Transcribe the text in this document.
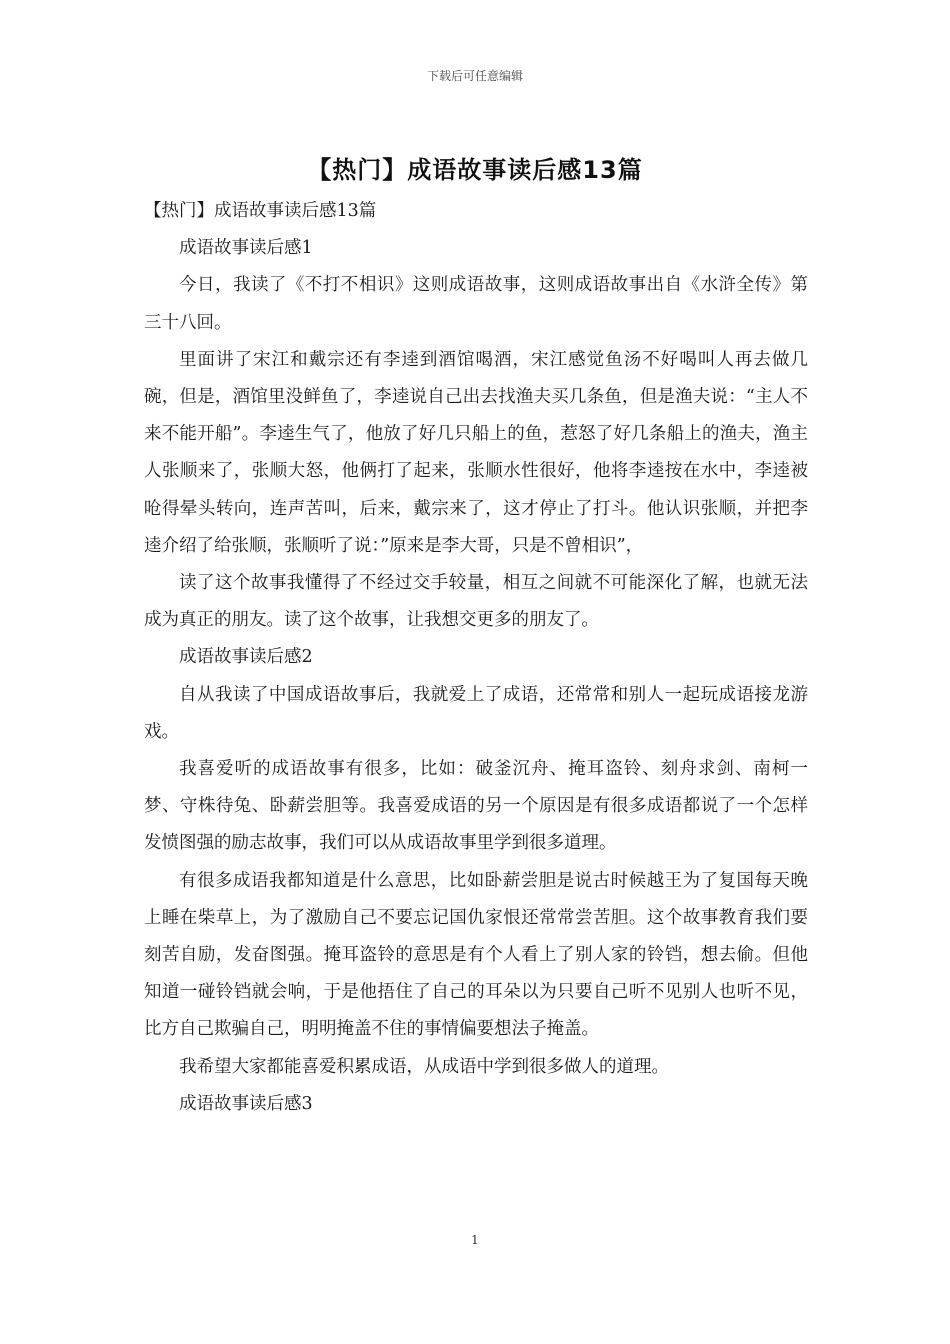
下载后可任意编辑
【热门】成语故事读后感13篇

【热门】成语故事读后感13篇

成语故事读后感1

今日，我读了《不打不相识》这则成语故事，这则成语故事出自《水浒全传》第三十八回。

里面讲了宋江和戴宗还有李逵到酒馆喝酒，宋江感觉鱼汤不好喝叫人再去做几碗，但是，酒馆里没鲜鱼了，李逵说自己出去找渔夫买几条鱼，但是渔夫说：“主人不来不能开船”。李逵生气了，他放了好几只船上的鱼，惹怒了好几条船上的渔夫，渔主人张顺来了，张顺大怒，他俩打了起来，张顺水性很好，他将李逵按在水中，李逵被呛得晕头转向，连声苦叫，后来，戴宗来了，这才停止了打斗。他认识张顺，并把李逵介绍了给张顺，张顺听了说：”原来是李大哥，只是不曾相识”，

读了这个故事我懂得了不经过交手较量，相互之间就不可能深化了解，也就无法成为真正的朋友。读了这个故事，让我想交更多的朋友了。

成语故事读后感2

自从我读了中国成语故事后，我就爱上了成语，还常常和别人一起玩成语接龙游戏。

我喜爱听的成语故事有很多，比如：破釜沉舟、掩耳盗铃、刻舟求剑、南柯一梦、守株待兔、卧薪尝胆等。我喜爱成语的另一个原因是有很多成语都说了一个怎样发愤图强的励志故事，我们可以从成语故事里学到很多道理。

有很多成语我都知道是什么意思，比如卧薪尝胆是说古时候越王为了复国每天晚上睡在柴草上，为了激励自己不要忘记国仇家恨还常常尝苦胆。这个故事教育我们要刻苦自励，发奋图强。掩耳盗铃的意思是有个人看上了别人家的铃铛，想去偷。但他知道一碰铃铛就会响，于是他捂住了自己的耳朵以为只要自己听不见别人也听不见，比方自己欺骗自己，明明掩盖不住的事情偏要想法子掩盖。

我希望大家都能喜爱积累成语，从成语中学到很多做人的道理。

成语故事读后感3

1
